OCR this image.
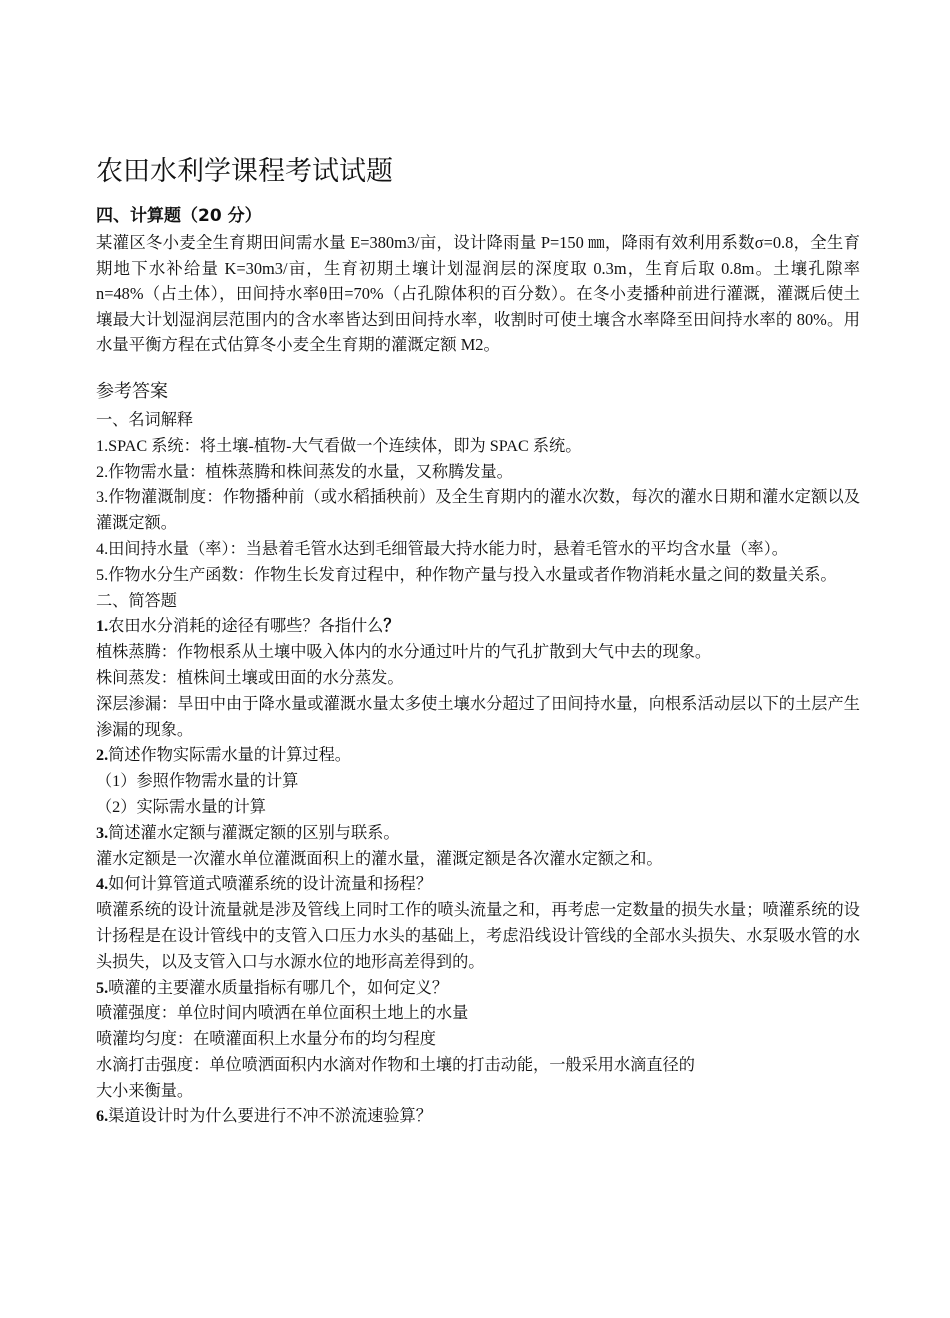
农田水利学课程考试试题
四、计算题（20 分）

某灌区冬小麦全生育期田间需水量 E=380m3/亩，设计降雨量 P=150 ㎜，降雨有效利用系数σ=0.8，全生育期地下水补给量 K=30m3/亩，生育初期土壤计划湿润层的深度取 0.3m，生育后取 0.8m。土壤孔隙率 n=48%（占土体），田间持水率θ田=70%（占孔隙体积的百分数）。在冬小麦播种前进行灌溉，灌溉后使土壤最大计划湿润层范围内的含水率皆达到田间持水率，收割时可使土壤含水率降至田间持水率的 80%。用水量平衡方程在式估算冬小麦全生育期的灌溉定额 M2。

参考答案

一、名词解释

1.SPAC 系统：将土壤-植物-大气看做一个连续体，即为 SPAC 系统。

2.作物需水量：植株蒸腾和株间蒸发的水量，又称腾发量。

3.作物灌溉制度：作物播种前（或水稻插秧前）及全生育期内的灌水次数，每次的灌水日期和灌水定额以及灌溉定额。

4.田间持水量（率）：当悬着毛管水达到毛细管最大持水能力时，悬着毛管水的平均含水量（率）。

5.作物水分生产函数：作物生长发育过程中，种作物产量与投入水量或者作物消耗水量之间的数量关系。

二、简答题

1.农田水分消耗的途径有哪些？各指什么？

植株蒸腾：作物根系从土壤中吸入体内的水分通过叶片的气孔扩散到大气中去的现象。

株间蒸发：植株间土壤或田面的水分蒸发。

深层渗漏：旱田中由于降水量或灌溉水量太多使土壤水分超过了田间持水量，向根系活动层以下的土层产生渗漏的现象。

2.简述作物实际需水量的计算过程。

（1）参照作物需水量的计算

（2）实际需水量的计算

3.简述灌水定额与灌溉定额的区别与联系。

灌水定额是一次灌水单位灌溉面积上的灌水量，灌溉定额是各次灌水定额之和。

4.如何计算管道式喷灌系统的设计流量和扬程？

喷灌系统的设计流量就是涉及管线上同时工作的喷头流量之和，再考虑一定数量的损失水量；喷灌系统的设计扬程是在设计管线中的支管入口压力水头的基础上，考虑沿线设计管线的全部水头损失、水泵吸水管的水头损失，以及支管入口与水源水位的地形高差得到的。

5.喷灌的主要灌水质量指标有哪几个，如何定义？

喷灌强度：单位时间内喷洒在单位面积土地上的水量

喷灌均匀度：在喷灌面积上水量分布的均匀程度

水滴打击强度：单位喷洒面积内水滴对作物和土壤的打击动能，一般采用水滴直径的

大小来衡量。

6.渠道设计时为什么要进行不冲不淤流速验算？
